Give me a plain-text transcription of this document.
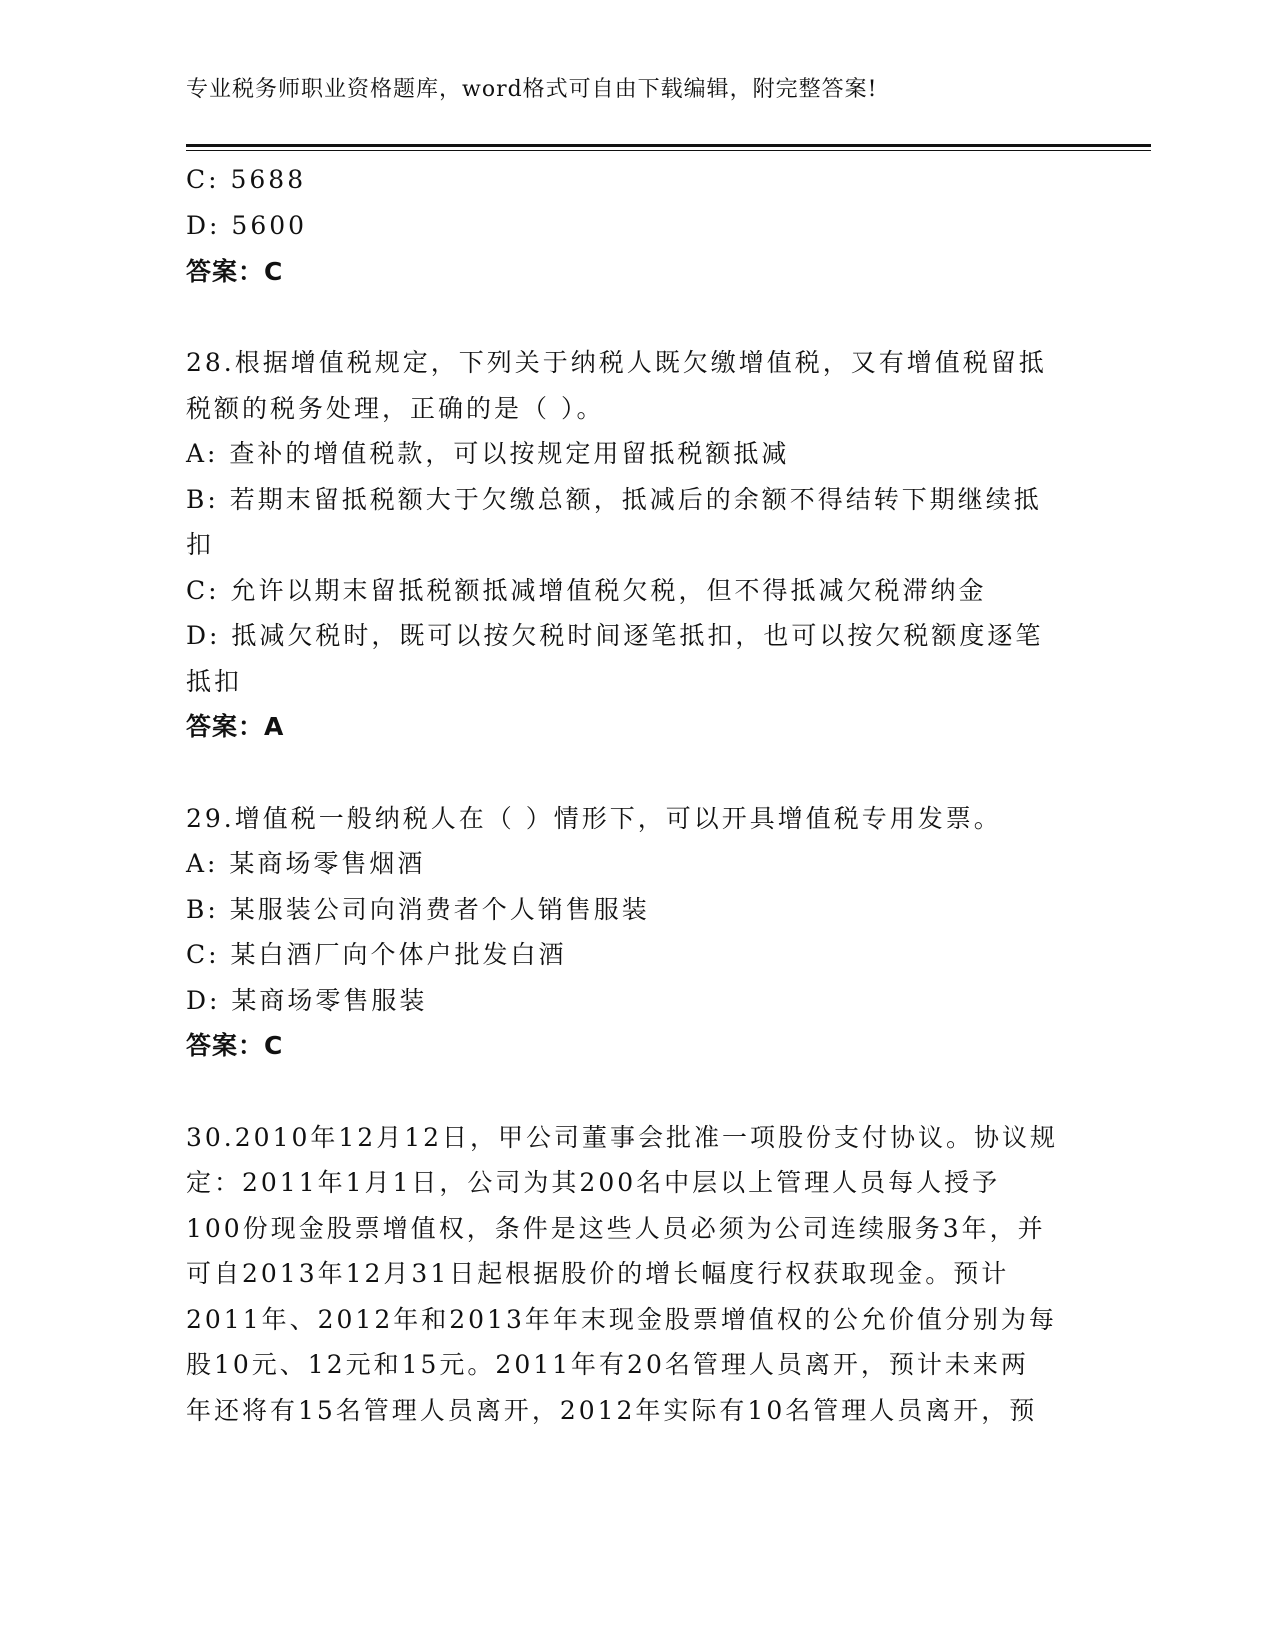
专业税务师职业资格题库，word格式可自由下载编辑，附完整答案!
C: 5688
D: 5600
答案：C
28.根据增值税规定，下列关于纳税人既欠缴增值税，又有增值税留抵
税额的税务处理，正确的是（ ）。
A: 查补的增值税款，可以按规定用留抵税额抵减
B: 若期末留抵税额大于欠缴总额，抵减后的余额不得结转下期继续抵
扣
C: 允许以期末留抵税额抵减增值税欠税，但不得抵减欠税滞纳金
D: 抵减欠税时，既可以按欠税时间逐笔抵扣，也可以按欠税额度逐笔
抵扣
答案：A
29.增值税一般纳税人在（ ）情形下，可以开具增值税专用发票。
A: 某商场零售烟酒
B: 某服装公司向消费者个人销售服装
C: 某白酒厂向个体户批发白酒
D: 某商场零售服装
答案：C
30.2010年12月12日，甲公司董事会批准一项股份支付协议。协议规
定：2011年1月1日，公司为其200名中层以上管理人员每人授予
100份现金股票增值权，条件是这些人员必须为公司连续服务3年，并
可自2013年12月31日起根据股价的增长幅度行权获取现金。预计
2011年、2012年和2013年年末现金股票增值权的公允价值分别为每
股10元、12元和15元。2011年有20名管理人员离开，预计未来两
年还将有15名管理人员离开，2012年实际有10名管理人员离开，预
